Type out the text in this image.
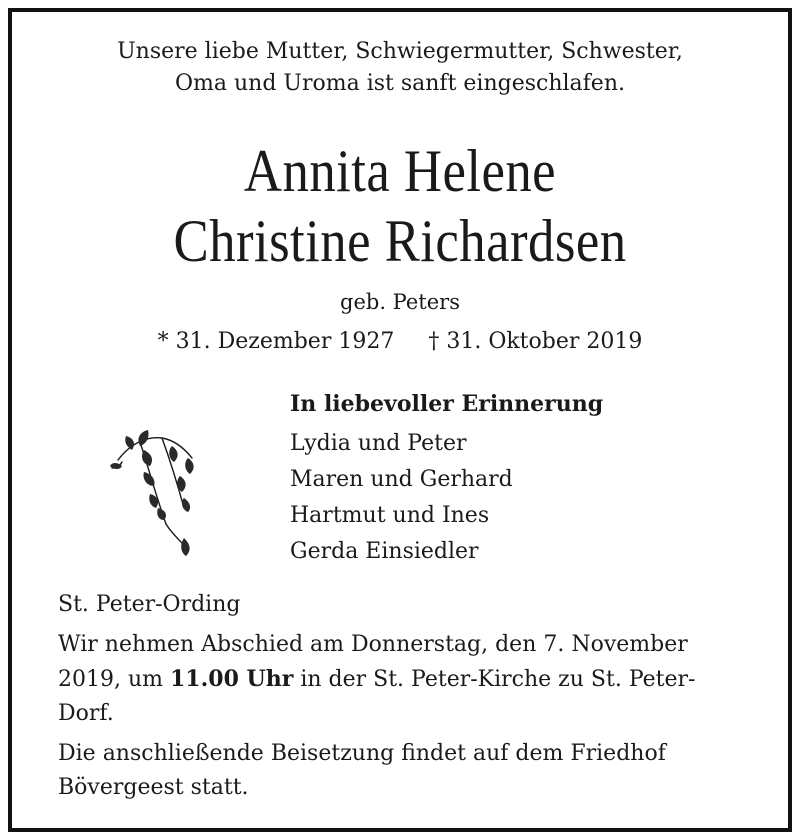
Unsere liebe Mutter, Schwiegermutter, Schwester,
Oma und Uroma ist sanft eingeschlafen.
Annita Helene
Christine Richardsen
geb. Peters
* 31. Dezember 1927 † 31. Oktober 2019
In liebevoller Erinnerung
Lydia und Peter
Maren und Gerhard
Hartmut und Ines
Gerda Einsiedler

St. Peter-Ording

Wir nehmen Abschied am Donnerstag, den 7. November 2019, um 11.00 Uhr in der St. Peter-Kirche zu St. Peter-Dorf.

Die anschließende Beisetzung findet auf dem Friedhof Bövergeest statt.
